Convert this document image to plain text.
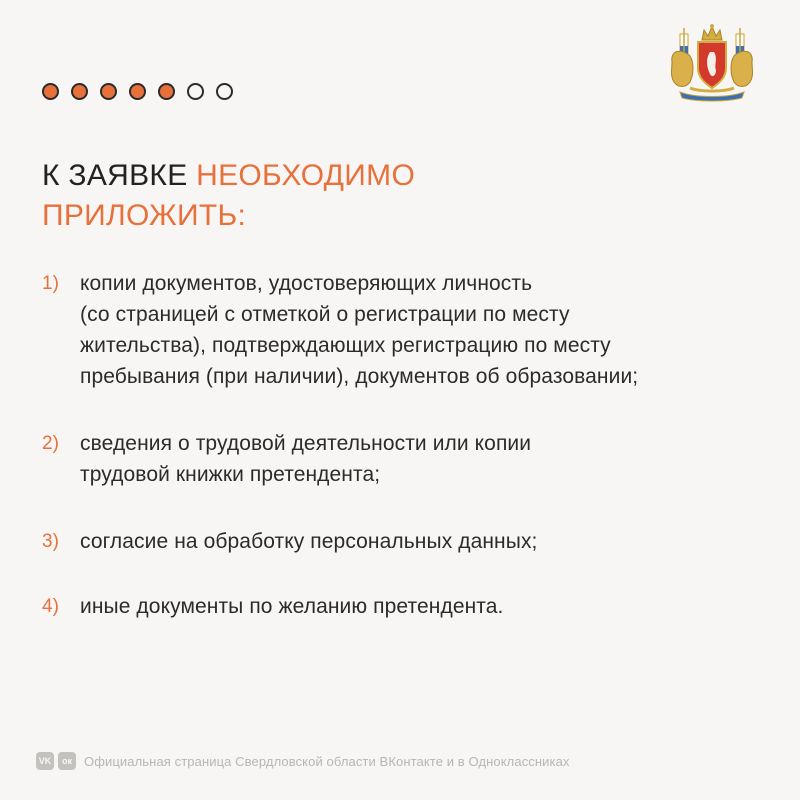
К ЗАЯВКЕ НЕОБХОДИМО ПРИЛОЖИТЬ:
1)	копии документов, удостоверяющих личность
(со страницей с отметкой о регистрации по месту
жительства), подтверждающих регистрацию по месту
пребывания (при наличии), документов об образовании;
2)	сведения о трудовой деятельности или копии
трудовой книжки претендента;
3)	согласие на обработку персональных данных;
4)	иные документы по желанию претендента.
VK	ок Официальная страница Свердловской области ВКонтакте и в Одноклассниках
